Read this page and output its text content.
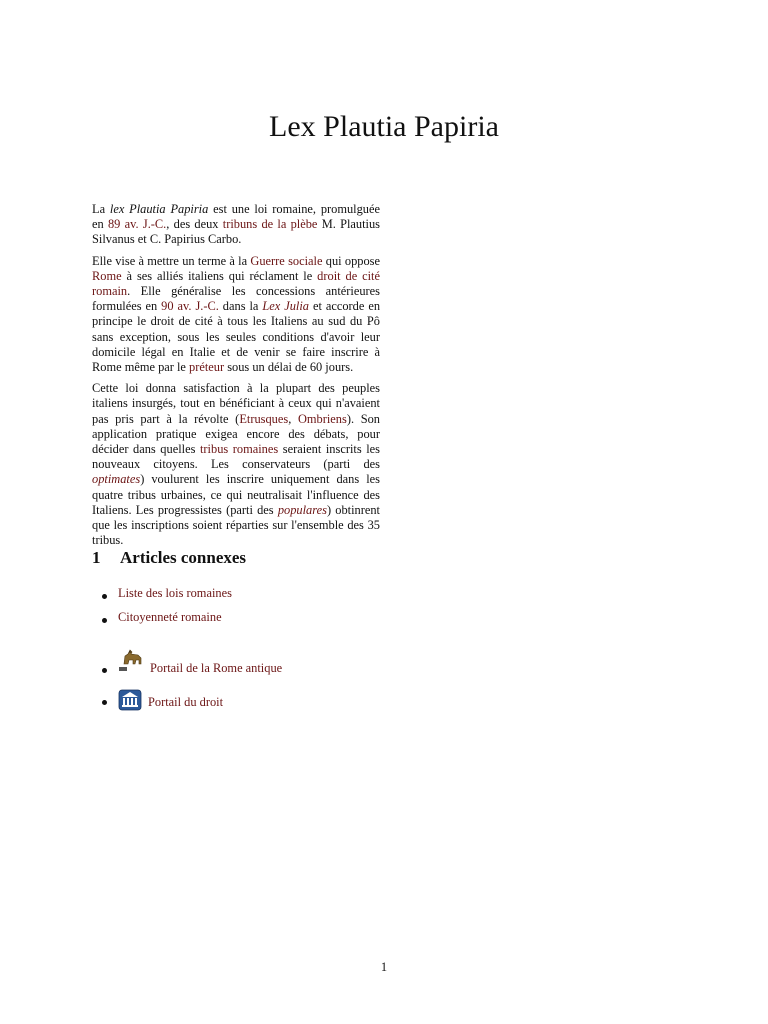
Lex Plautia Papiria

La lex Plautia Papiria est une loi romaine, promulguée en 89 av. J.-C., des deux tribuns de la plèbe M. Plautius Silvanus et C. Papirius Carbo.

Elle vise à mettre un terme à la Guerre sociale qui oppose Rome à ses alliés italiens qui réclament le droit de cité romain. Elle généralise les concessions antérieures formulées en 90 av. J.-C. dans la Lex Julia et accorde en principe le droit de cité à tous les Italiens au sud du Pô sans exception, sous les seules conditions d'avoir leur domicile légal en Italie et de venir se faire inscrire à Rome même par le préteur sous un délai de 60 jours.

Cette loi donna satisfaction à la plupart des peuples italiens insurgés, tout en bénéficiant à ceux qui n'avaient pas pris part à la révolte (Etrusques, Ombriens). Son application pratique exigea encore des débats, pour décider dans quelles tribus romaines seraient inscrits les nouveaux citoyens. Les conservateurs (parti des optimates) voulurent les inscrire uniquement dans les quatre tribus urbaines, ce qui neutralisait l'influence des Italiens. Les progressistes (parti des populares) obtinrent que les inscriptions soient réparties sur l'ensemble des 35 tribus.

1 Articles connexes
Liste des lois romaines
Citoyenneté romaine
Portail de la Rome antique
Portail du droit
1
